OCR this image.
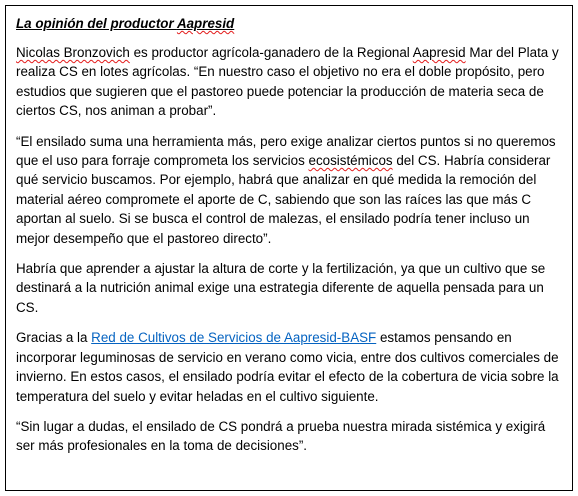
La opinión del productor Aapresid

Nicolas Bronzovich es productor agrícola-ganadero de la Regional Aapresid Mar del Plata y realiza CS en lotes agrícolas. “En nuestro caso el objetivo no era el doble propósito, pero estudios que sugieren que el pastoreo puede potenciar la producción de materia seca de ciertos CS, nos animan a probar”.

“El ensilado suma una herramienta más, pero exige analizar ciertos puntos si no queremos que el uso para forraje comprometa los servicios ecosistémicos del CS. Habría considerar qué servicio buscamos. Por ejemplo, habrá que analizar en qué medida la remoción del material aéreo compromete el aporte de C, sabiendo que son las raíces las que más C aportan al suelo. Si se busca el control de malezas, el ensilado podría tener incluso un mejor desempeño que el pastoreo directo”.

Habría que aprender a ajustar la altura de corte y la fertilización, ya que un cultivo que se destinará a la nutrición animal exige una estrategia diferente de aquella pensada para un CS.

Gracias a la Red de Cultivos de Servicios de Aapresid-BASF estamos pensando en incorporar leguminosas de servicio en verano como vicia, entre dos cultivos comerciales de invierno. En estos casos, el ensilado podría evitar el efecto de la cobertura de vicia sobre la temperatura del suelo y evitar heladas en el cultivo siguiente.

“Sin lugar a dudas, el ensilado de CS pondrá a prueba nuestra mirada sistémica y exigirá ser más profesionales en la toma de decisiones”.
